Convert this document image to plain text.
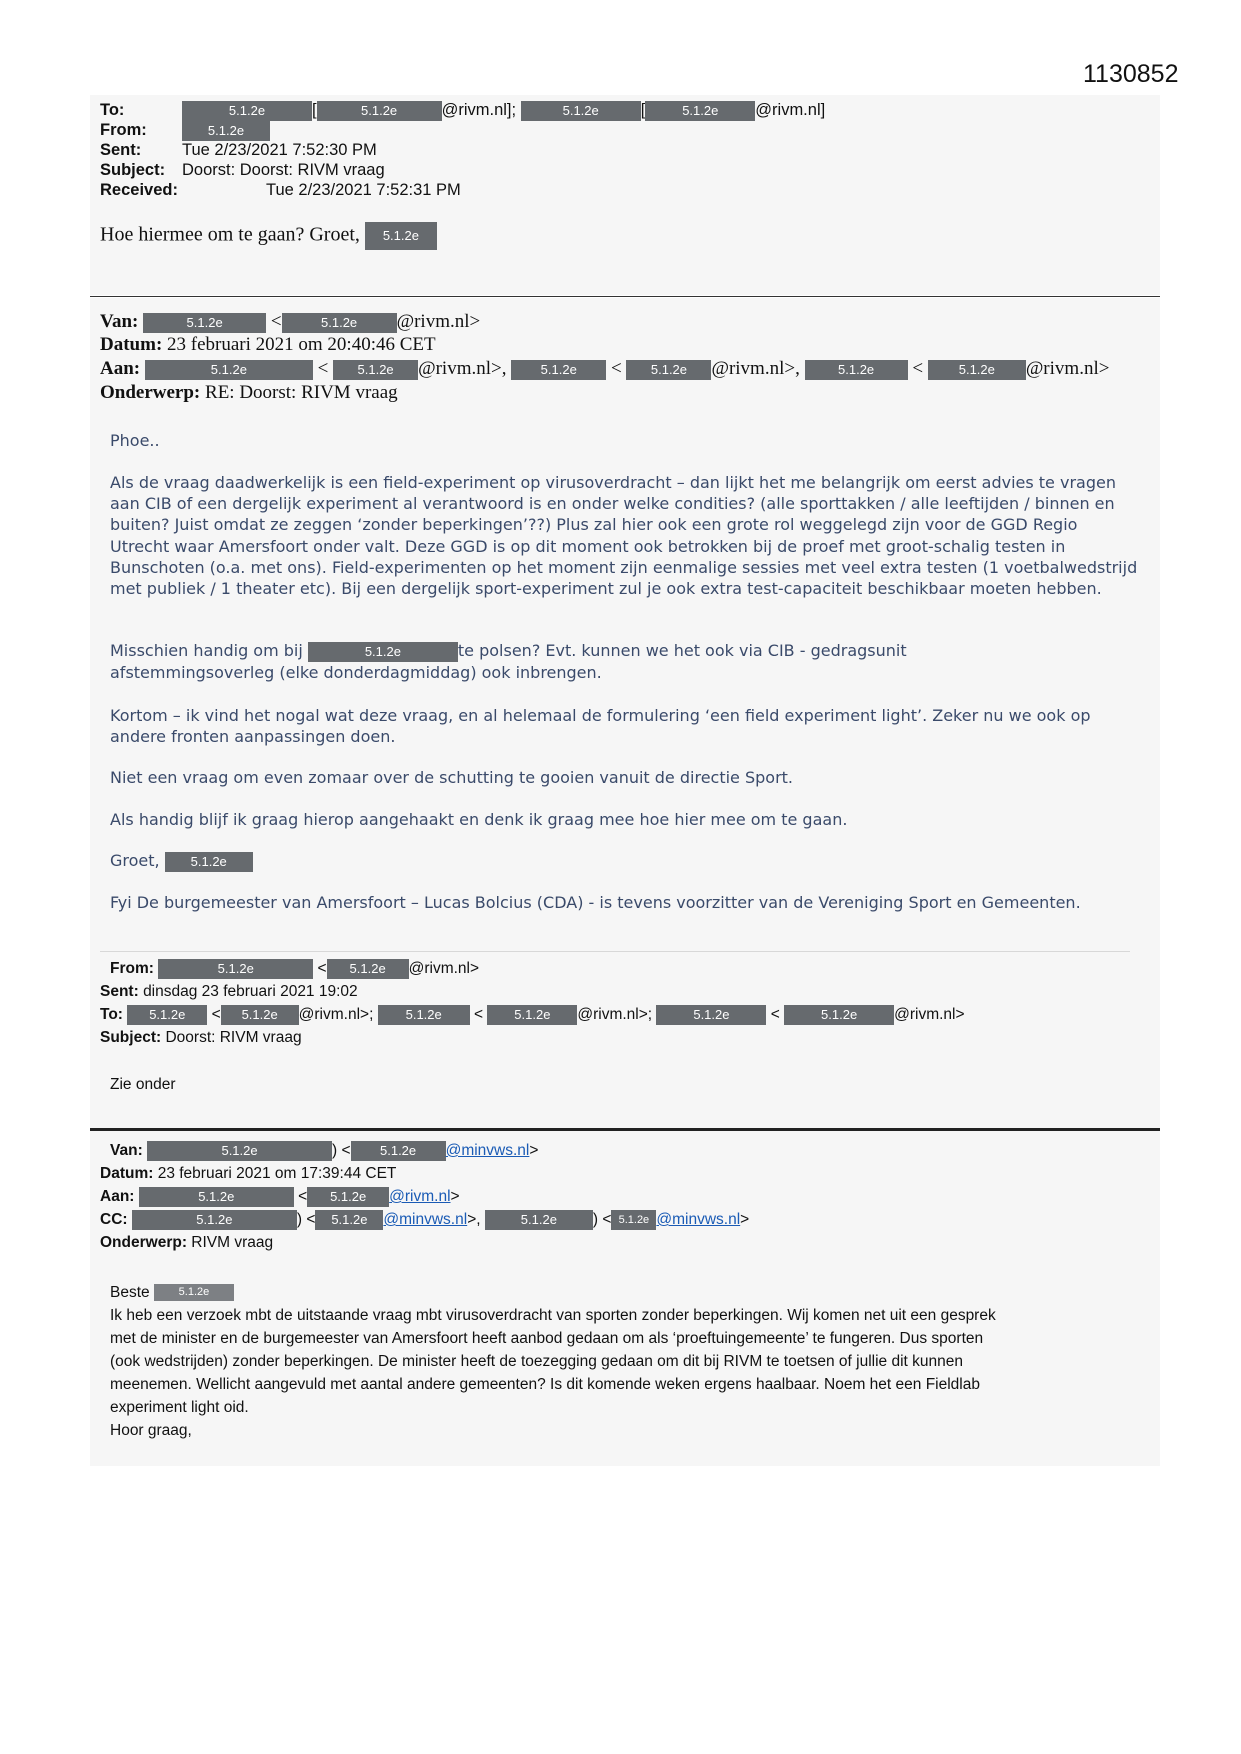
1130852
To:	5.1.2e	[	5.1.2e	@rivm.nl];	5.1.2e	[	5.1.2e @rivm.nl]
From:	5.1.2e
Sent: Tue 2/23/2021 7:52:30 PM
Subject: Doorst: Doorst: RIVM vraag
Received:	Tue 2/23/2021 7:52:31 PM
Hoe hiermee om te gaan? Groet, 5.1.2e
Van:	5.1.2e	<	5.1.2e @rivm.nl>
Datum: 23 februari 2021 om 20:40:46 CET
Aan:	5.1.2e	< 5.1.2e @rivm.nl>,	5.1.2e < 5.1.2e @rivm.nl>,	5.1.2e <	5.1.2e @rivm.nl>
Onderwerp: RE: Doorst: RIVM vraag

Phoe..

Als de vraag daadwerkelijk is een field-experiment op virusoverdracht – dan lijkt het me belangrijk om eerst advies te vragen aan CIB of een dergelijk experiment al verantwoord is en onder welke condities? (alle sporttakken / alle leeftijden / binnen en buiten? Juist omdat ze zeggen ‘zonder beperkingen’??) Plus zal hier ook een grote rol weggelegd zijn voor de GGD Regio Utrecht waar Amersfoort onder valt. Deze GGD is op dit moment ook betrokken bij de proef met groot-schalig testen in Bunschoten (o.a. met ons). Field-experimenten op het moment zijn eenmalige sessies met veel extra testen (1 voetbalwedstrijd met publiek / 1 theater etc). Bij een dergelijk sport-experiment zul je ook extra test-capaciteit beschikbaar moeten hebben.

Misschien handig om bij	5.1.2e	te polsen? Evt. kunnen we het ook via CIB - gedragsunit

afstemmingsoverleg (elke donderdagmiddag) ook inbrengen.

Kortom – ik vind het nogal wat deze vraag, en al helemaal de formulering ‘een field experiment light’. Zeker nu we ook op andere fronten aanpassingen doen.

Niet een vraag om even zomaar over de schutting te gooien vanuit de directie Sport.

Als handig blijf ik graag hierop aangehaakt en denk ik graag mee hoe hier mee om te gaan.

Groet, 5.1.2e

Fyi De burgemeester van Amersfoort – Lucas Bolcius (CDA) - is tevens voorzitter van de Vereniging Sport en Gemeenten.

From:	5.1.2e	< 5.1.2e @rivm.nl>
Sent: dinsdag 23 februari 2021 19:02
To: 5.1.2e < 5.1.2e @rivm.nl>; 5.1.2e < 5.1.2e @rivm.nl>;	5.1.2e	<	5.1.2e @rivm.nl>
Subject: Doorst: RIVM vraag
Zie onder
Van:	5.1.2e	) < 5.1.2e @minvws.nl>
Datum: 23 februari 2021 om 17:39:44 CET
Aan:	5.1.2e	< 5.1.2e @rivm.nl>
CC:	5.1.2e	) < 5.1.2e @minvws.nl>,	5.1.2e ) < 5.1.2e @minvws.nl>
Onderwerp: RIVM vraag
Beste	5.1.2e
Ik heb een verzoek mbt de uitstaande vraag mbt virusoverdracht van sporten zonder beperkingen. Wij komen net uit een gesprek
met de minister en de burgemeester van Amersfoort heeft aanbod gedaan om als ‘proeftuingemeente’ te fungeren. Dus sporten
(ook wedstrijden) zonder beperkingen. De minister heeft de toezegging gedaan om dit bij RIVM te toetsen of jullie dit kunnen
meenemen. Wellicht aangevuld met aantal andere gemeenten? Is dit komende weken ergens haalbaar. Noem het een Fieldlab
experiment light oid.
Hoor graag,
